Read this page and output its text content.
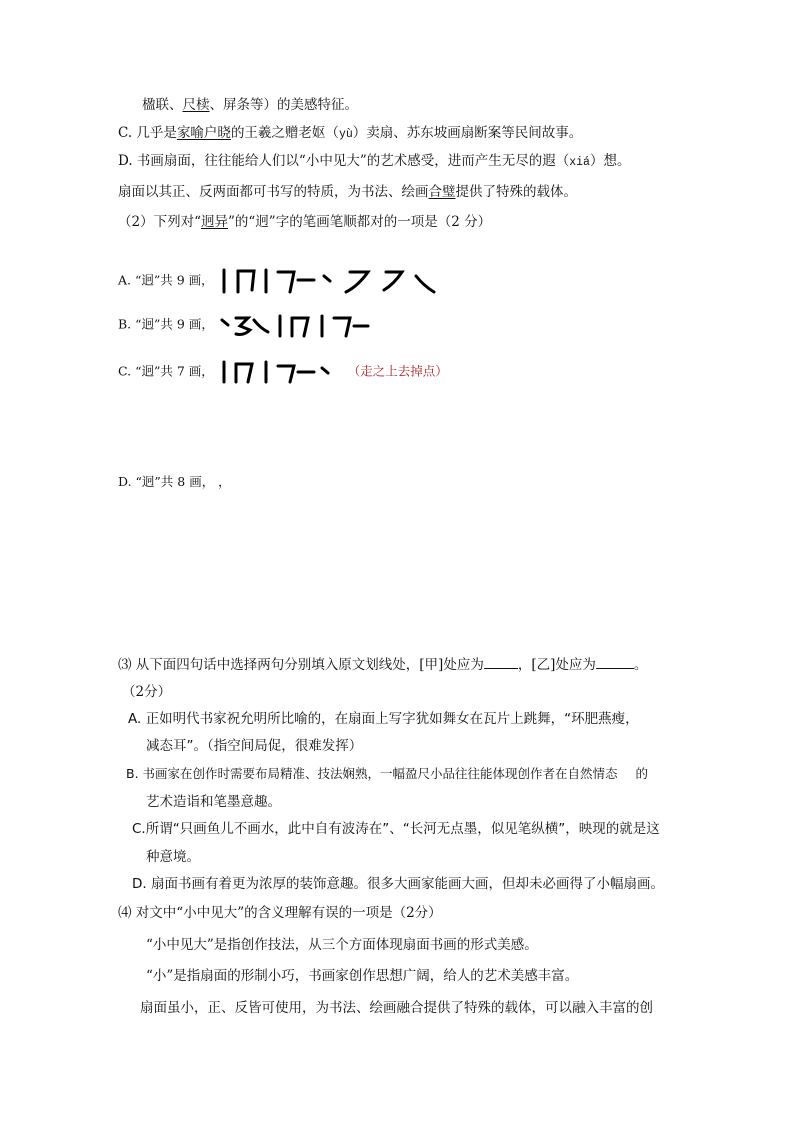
楹联、尺椟、屏条等）的美感特征。
C. 几乎是家喻户晓的王羲之赠老妪（yù）卖扇、苏东坡画扇断案等民间故事。
D. 书画扇面，往往能给人们以“小中见大”的艺术感受，进而产生无尽的遐（xiá）想。
扇面以其正、反两面都可书写的特质，为书法、绘画合璧提供了特殊的载体。
（2）下列对“迥异”的“迥”字的笔画笔顺都对的一项是（2 分）
A. “迥”共 9 画，
B. “迥”共 9 画，
C. “迥”共 7 画，	（走之上去掉点）
D. “迥”共 8 画， ，
⑶ 从下面四句话中选择两句分别填入原文划线处，[甲]处应为	，[乙]处应为	。
（2分）
A. 正如明代书家祝允明所比喻的，在扇面上写字犹如舞女在瓦片上跳舞，“环肥燕瘦，
减态耳”。（指空间局促，很难发挥）
B. 书画家在创作时需要布局精准、技法娴熟，一幅盈尺小品往往能体现创作者在自然情态 的
艺术造诣和笔墨意趣。
C.所谓“只画鱼儿不画水，此中自有波涛在”、“长河无点墨，似见笔纵横”，映现的就是这
种意境。
D. 扇面书画有着更为浓厚的装饰意趣。很多大画家能画大画，但却未必画得了小幅扇画。
⑷ 对文中“小中见大”的含义理解有误的一项是（2分）
“小中见大”是指创作技法，从三个方面体现扇面书画的形式美感。
“小”是指扇面的形制小巧，书画家创作思想广阔，给人的艺术美感丰富。
扇面虽小，正、反皆可使用，为书法、绘画融合提供了特殊的载体，可以融入丰富的创
